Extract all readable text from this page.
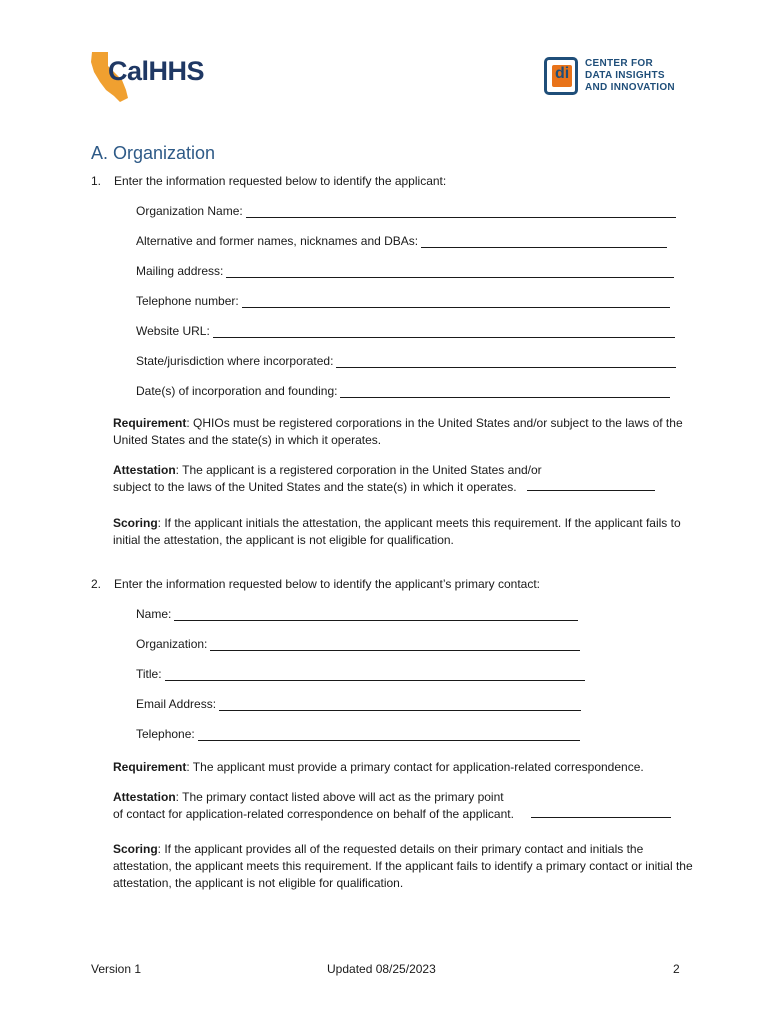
CalHHS	di
CENTER FOR
DATA INSIGHTS
AND INNOVATION
A. Organization
1. Enter the information requested below to identify the applicant:
Organization Name:
Alternative and former names, nicknames and DBAs:
Mailing address:
Telephone number:
Website URL:
State/jurisdiction where incorporated:
Date(s) of incorporation and founding:
Requirement: QHIOs must be registered corporations in the United States and/or subject to the laws of the United States and the state(s) in which it operates.
Attestation: The applicant is a registered corporation in the United States and/or
subject to the laws of the United States and the state(s) in which it operates.
Scoring: If the applicant initials the attestation, the applicant meets this requirement. If the applicant fails to initial the attestation, the applicant is not eligible for qualification.
2. Enter the information requested below to identify the applicant’s primary contact:
Name:
Organization:
Title:
Email Address:
Telephone:
Requirement: The applicant must provide a primary contact for application-related correspondence.
Attestation: The primary contact listed above will act as the primary point
of contact for application-related correspondence on behalf of the applicant.
Scoring: If the applicant provides all of the requested details on their primary contact and initials the attestation, the applicant meets this requirement. If the applicant fails to identify a primary contact or initial the attestation, the applicant is not eligible for qualification.
Version 1	Updated 08/25/2023	2
